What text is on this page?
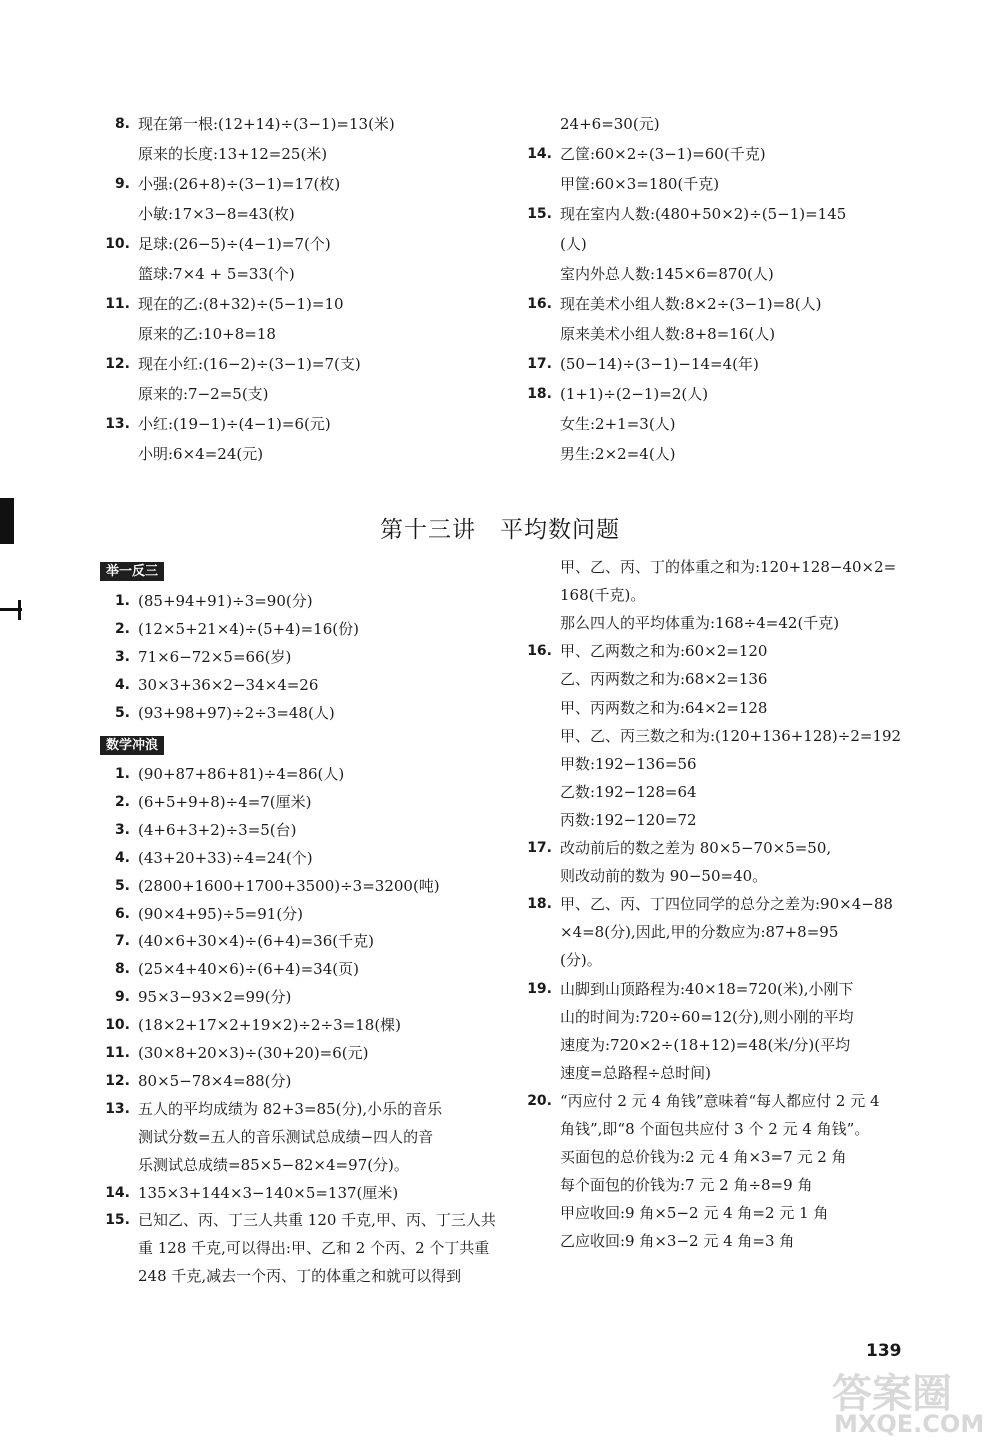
8. 现在第一根:(12+14)÷(3−1)=13(米)
原来的长度:13+12=25(米)
9. 小强:(26+8)÷(3−1)=17(枚)
小敏:17×3−8=43(枚)
10. 足球:(26−5)÷(4−1)=7(个)
篮球:7×4 + 5=33(个)
11. 现在的乙:(8+32)÷(5−1)=10
原来的乙:10+8=18
12. 现在小红:(16−2)÷(3−1)=7(支)
原来的:7−2=5(支)
13. 小红:(19−1)÷(4−1)=6(元)
小明:6×4=24(元)
24+6=30(元)
14. 乙筐:60×2÷(3−1)=60(千克)
甲筐:60×3=180(千克)
15. 现在室内人数:(480+50×2)÷(5−1)=145
(人)
室内外总人数:145×6=870(人)
16. 现在美术小组人数:8×2÷(3−1)=8(人)
原来美术小组人数:8+8=16(人)
17. (50−14)÷(3−1)−14=4(年)
18. (1+1)÷(2−1)=2(人)
女生:2+1=3(人)
男生:2×2=4(人)
第十三讲　平均数问题
举一反三
1. (85+94+91)÷3=90(分)
2. (12×5+21×4)÷(5+4)=16(份)
3. 71×6−72×5=66(岁)
4. 30×3+36×2−34×4=26
5. (93+98+97)÷2÷3=48(人)
数学冲浪
1. (90+87+86+81)÷4=86(人)
2. (6+5+9+8)÷4=7(厘米)
3. (4+6+3+2)÷3=5(台)
4. (43+20+33)÷4=24(个)
5. (2800+1600+1700+3500)÷3=3200(吨)
6. (90×4+95)÷5=91(分)
7. (40×6+30×4)÷(6+4)=36(千克)
8. (25×4+40×6)÷(6+4)=34(页)
9. 95×3−93×2=99(分)
10. (18×2+17×2+19×2)÷2÷3=18(棵)
11. (30×8+20×3)÷(30+20)=6(元)
12. 80×5−78×4=88(分)
13. 五人的平均成绩为 82+3=85(分),小乐的音乐
测试分数=五人的音乐测试总成绩−四人的音
乐测试总成绩=85×5−82×4=97(分)。
14. 135×3+144×3−140×5=137(厘米)
15. 已知乙、丙、丁三人共重 120 千克,甲、丙、丁三人共
重 128 千克,可以得出:甲、乙和 2 个丙、2 个丁共重
248 千克,减去一个丙、丁的体重之和就可以得到
甲、乙、丙、丁的体重之和为:120+128−40×2=
168(千克)。
那么四人的平均体重为:168÷4=42(千克)
16. 甲、乙两数之和为:60×2=120
乙、丙两数之和为:68×2=136
甲、丙两数之和为:64×2=128
甲、乙、丙三数之和为:(120+136+128)÷2=192
甲数:192−136=56
乙数:192−128=64
丙数:192−120=72
17. 改动前后的数之差为 80×5−70×5=50,
则改动前的数为 90−50=40。
18. 甲、乙、丙、丁四位同学的总分之差为:90×4−88
×4=8(分),因此,甲的分数应为:87+8=95
(分)。
19. 山脚到山顶路程为:40×18=720(米),小刚下
山的时间为:720÷60=12(分),则小刚的平均
速度为:720×2÷(18+12)=48(米/分)(平均
速度=总路程÷总时间)
20. “丙应付 2 元 4 角钱”意味着“每人都应付 2 元 4
角钱”,即“8 个面包共应付 3 个 2 元 4 角钱”。
买面包的总价钱为:2 元 4 角×3=7 元 2 角
每个面包的价钱为:7 元 2 角÷8=9 角
甲应收回:9 角×5−2 元 4 角=2 元 1 角
乙应收回:9 角×3−2 元 4 角=3 角
139
答案圈
MXQE.COM
